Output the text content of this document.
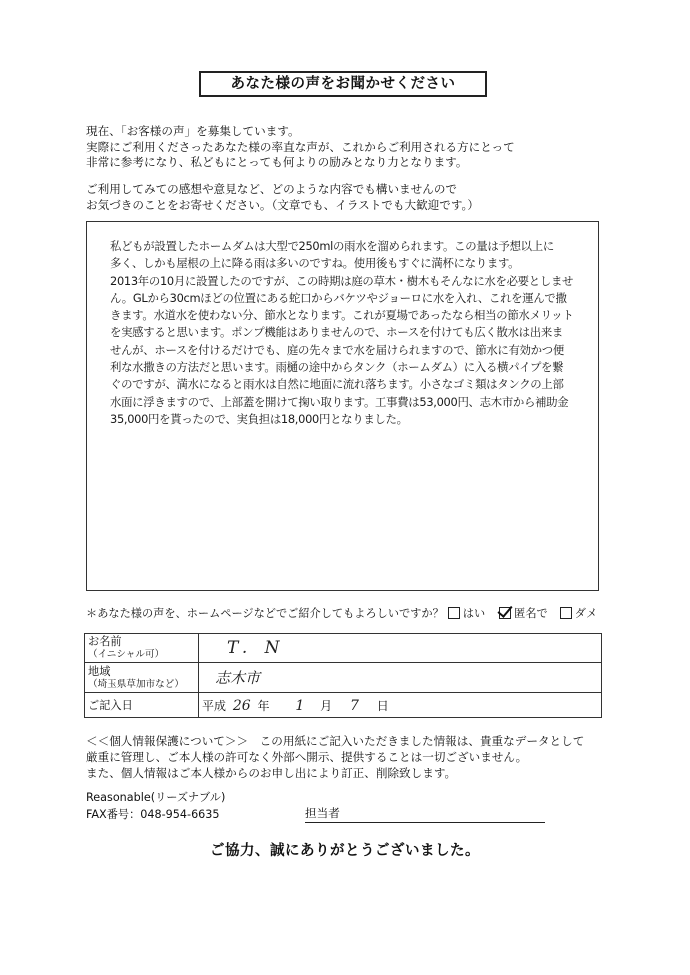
あなた様の声をお聞かせください
現在、「お客様の声」を募集しています。
実際にご利用くださったあなた様の率直な声が、これからご利用される方にとって
非常に参考になり、私どもにとっても何よりの励みとなり力となります。
ご利用してみての感想や意見など、どのような内容でも構いませんので
お気づきのことをお寄せください。（文章でも、イラストでも大歓迎です。）
私どもが設置したホームダムは大型で250mlの雨水を溜められます。この量は予想以上に
多く、しかも屋根の上に降る雨は多いのですね。使用後もすぐに満杯になります。
2013年の10月に設置したのですが、この時期は庭の草木・樹木もそんなに水を必要としませ
ん。GLから30cmほどの位置にある蛇口からバケツやジョーロに水を入れ、これを運んで撒
きます。水道水を使わない分、節水となります。これが夏場であったなら相当の節水メリット
を実感すると思います。ポンプ機能はありませんので、ホースを付けても広く散水は出来ま
せんが、ホースを付けるだけでも、庭の先々まで水を届けられますので、節水に有効かつ便
利な水撒きの方法だと思います。雨樋の途中からタンク（ホームダム）に入る横パイプを繋
ぐのですが、満水になると雨水は自然に地面に流れ落ちます。小さなゴミ類はタンクの上部
水面に浮きますので、上部蓋を開けて掬い取ります。工事費は53,000円、志木市から補助金
35,000円を貰ったので、実負担は18,000円となりました。
＊あなた様の声を、ホームページなどでご紹介してもよろしいですか？ はい	匿名で ダメ
お名前
（イニシャル可）	T. N
地域
（埼玉県草加市など）	志木市
ご記入日	平成 26 年 1 月 7 日
＜＜個人情報保護について＞＞　この用紙にご記入いただきました情報は、貴重なデータとして
厳重に管理し、ご本人様の許可なく外部へ開示、提供することは一切ございません。
また、個人情報はご本人様からのお申し出により訂正、削除致します。
Reasonable(リーズナブル)
FAX番号：048-954-6635	担当者
ご協力、誠にありがとうございました。
